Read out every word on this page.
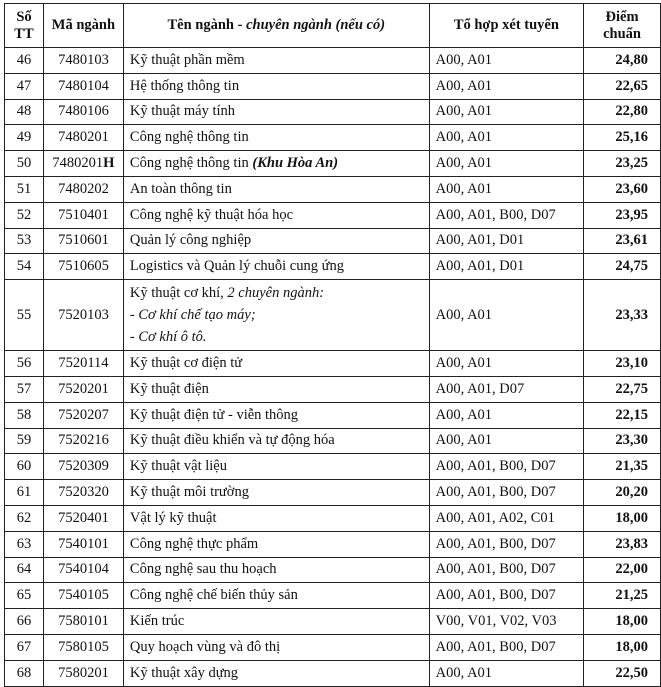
Số
TT	Mã ngành	Tên ngành - chuyên ngành (nếu có)	Tổ hợp xét tuyển	Điểm
chuẩn
46	7480103	Kỹ thuật phần mềm	A00, A01	24,80
47	7480104	Hệ thống thông tin	A00, A01	22,65
48	7480106	Kỹ thuật máy tính	A00, A01	22,80
49	7480201	Công nghệ thông tin	A00, A01	25,16
50	7480201H	Công nghệ thông tin (Khu Hòa An)	A00, A01	23,25
51	7480202	An toàn thông tin	A00, A01	23,60
52	7510401	Công nghệ kỹ thuật hóa học	A00, A01, B00, D07	23,95
53	7510601	Quản lý công nghiệp	A00, A01, D01	23,61
54	7510605	Logistics và Quản lý chuỗi cung ứng	A00, A01, D01	24,75
55	7520103	Kỹ thuật cơ khí, 2 chuyên ngành:
- Cơ khí chế tạo máy;
- Cơ khí ô tô.	A00, A01	23,33
56	7520114	Kỹ thuật cơ điện tử	A00, A01	23,10
57	7520201	Kỹ thuật điện	A00, A01, D07	22,75
58	7520207	Kỹ thuật điện tử - viễn thông	A00, A01	22,15
59	7520216	Kỹ thuật điều khiển và tự động hóa	A00, A01	23,30
60	7520309	Kỹ thuật vật liệu	A00, A01, B00, D07	21,35
61	7520320	Kỹ thuật môi trường	A00, A01, B00, D07	20,20
62	7520401	Vật lý kỹ thuật	A00, A01, A02, C01	18,00
63	7540101	Công nghệ thực phẩm	A00, A01, B00, D07	23,83
64	7540104	Công nghệ sau thu hoạch	A00, A01, B00, D07	22,00
65	7540105	Công nghệ chế biến thủy sản	A00, A01, B00, D07	21,25
66	7580101	Kiến trúc	V00, V01, V02, V03	18,00
67	7580105	Quy hoạch vùng và đô thị	A00, A01, B00, D07	18,00
68	7580201	Kỹ thuật xây dựng	A00, A01	22,50
